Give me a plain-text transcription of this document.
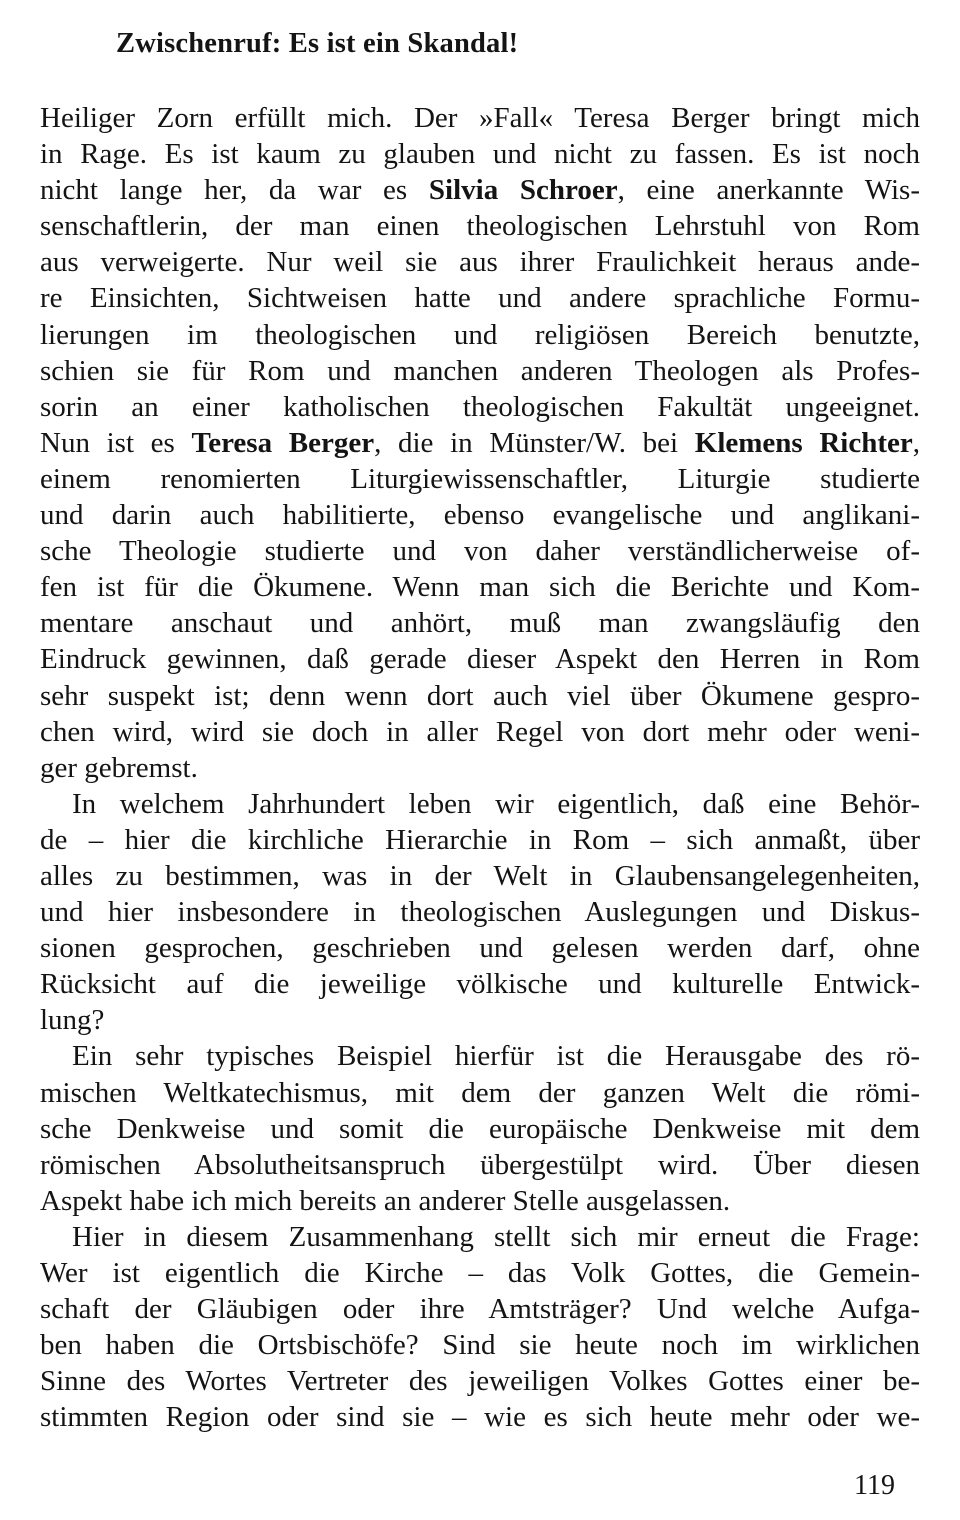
Zwischenruf: Es ist ein Skandal!
Heiliger Zorn erfüllt mich. Der »Fall« Teresa Berger bringt mich
in Rage. Es ist kaum zu glauben und nicht zu fassen. Es ist noch
nicht lange her, da war es Silvia Schroer, eine anerkannte Wis-
senschaftlerin, der man einen theologischen Lehrstuhl von Rom
aus verweigerte. Nur weil sie aus ihrer Fraulichkeit heraus ande-
re Einsichten, Sichtweisen hatte und andere sprachliche Formu-
lierungen im theologischen und religiösen Bereich benutzte,
schien sie für Rom und manchen anderen Theologen als Profes-
sorin an einer katholischen theologischen Fakultät ungeeignet.
Nun ist es Teresa Berger, die in Münster/W. bei Klemens Richter,
einem renomierten Liturgiewissenschaftler, Liturgie studierte
und darin auch habilitierte, ebenso evangelische und anglikani-
sche Theologie studierte und von daher verständlicherweise of-
fen ist für die Ökumene. Wenn man sich die Berichte und Kom-
mentare anschaut und anhört, muß man zwangsläufig den
Eindruck gewinnen, daß gerade dieser Aspekt den Herren in Rom
sehr suspekt ist; denn wenn dort auch viel über Ökumene gespro-
chen wird, wird sie doch in aller Regel von dort mehr oder weni-
ger gebremst.
In welchem Jahrhundert leben wir eigentlich, daß eine Behör-
de – hier die kirchliche Hierarchie in Rom – sich anmaßt, über
alles zu bestimmen, was in der Welt in Glaubensangelegenheiten,
und hier insbesondere in theologischen Auslegungen und Diskus-
sionen gesprochen, geschrieben und gelesen werden darf, ohne
Rücksicht auf die jeweilige völkische und kulturelle Entwick-
lung?
Ein sehr typisches Beispiel hierfür ist die Herausgabe des rö-
mischen Weltkatechismus, mit dem der ganzen Welt die römi-
sche Denkweise und somit die europäische Denkweise mit dem
römischen Absolutheitsanspruch übergestülpt wird. Über diesen
Aspekt habe ich mich bereits an anderer Stelle ausgelassen.
Hier in diesem Zusammenhang stellt sich mir erneut die Frage:
Wer ist eigentlich die Kirche – das Volk Gottes, die Gemein-
schaft der Gläubigen oder ihre Amtsträger? Und welche Aufga-
ben haben die Ortsbischöfe? Sind sie heute noch im wirklichen
Sinne des Wortes Vertreter des jeweiligen Volkes Gottes einer be-
stimmten Region oder sind sie – wie es sich heute mehr oder we-
119
